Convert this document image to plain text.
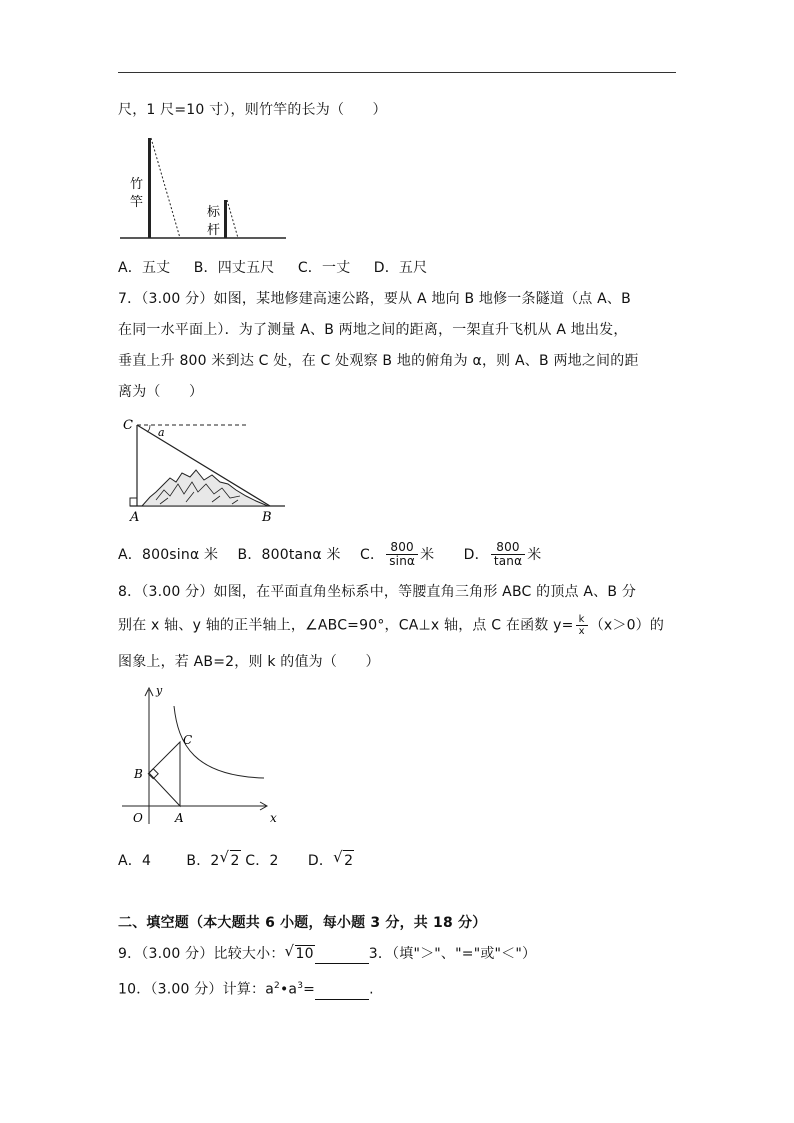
尺，1 尺=10 寸），则竹竿的长为（　　）
竹
竿
标
杆
A．五丈 B．四丈五尺 C．一丈 D．五尺
7．（3.00 分）如图，某地修建高速公路，要从 A 地向 B 地修一条隧道（点 A、B
在同一水平面上）．为了测量 A、B 两地之间的距离，一架直升飞机从 A 地出发，
垂直上升 800 米到达 C 处，在 C 处观察 B 地的俯角为 α，则 A、B 两地之间的距
离为（　　）
C a
A	B
A．800sinα 米 B．800tanα 米 C． $\frac{800}{\sin\alpha}$ 米 D． $\frac{800}{\tan\alpha}$ 米
8．（3.00 分）如图，在平面直角坐标系中，等腰直角三角形 ABC 的顶点 A、B 分
别在 x 轴、y 轴的正半轴上，∠ABC=90°，CA⊥x 轴，点 C 在函数 $y= \frac{k}{x} (x>0)$的
图象上，若 AB=2，则 k 的值为（　　）
y
x
O	A
B
C
A．4	B．2 √ 2 C．2 D． √ 2
二、填空题（本大题共 6 小题，每小题 3 分，共 18 分）
9．（3.00 分）比较大小： √ 10	3．（填"＞"、"="或"＜"）
10．（3.00 分）计算：$a^2•a^3=$	.
